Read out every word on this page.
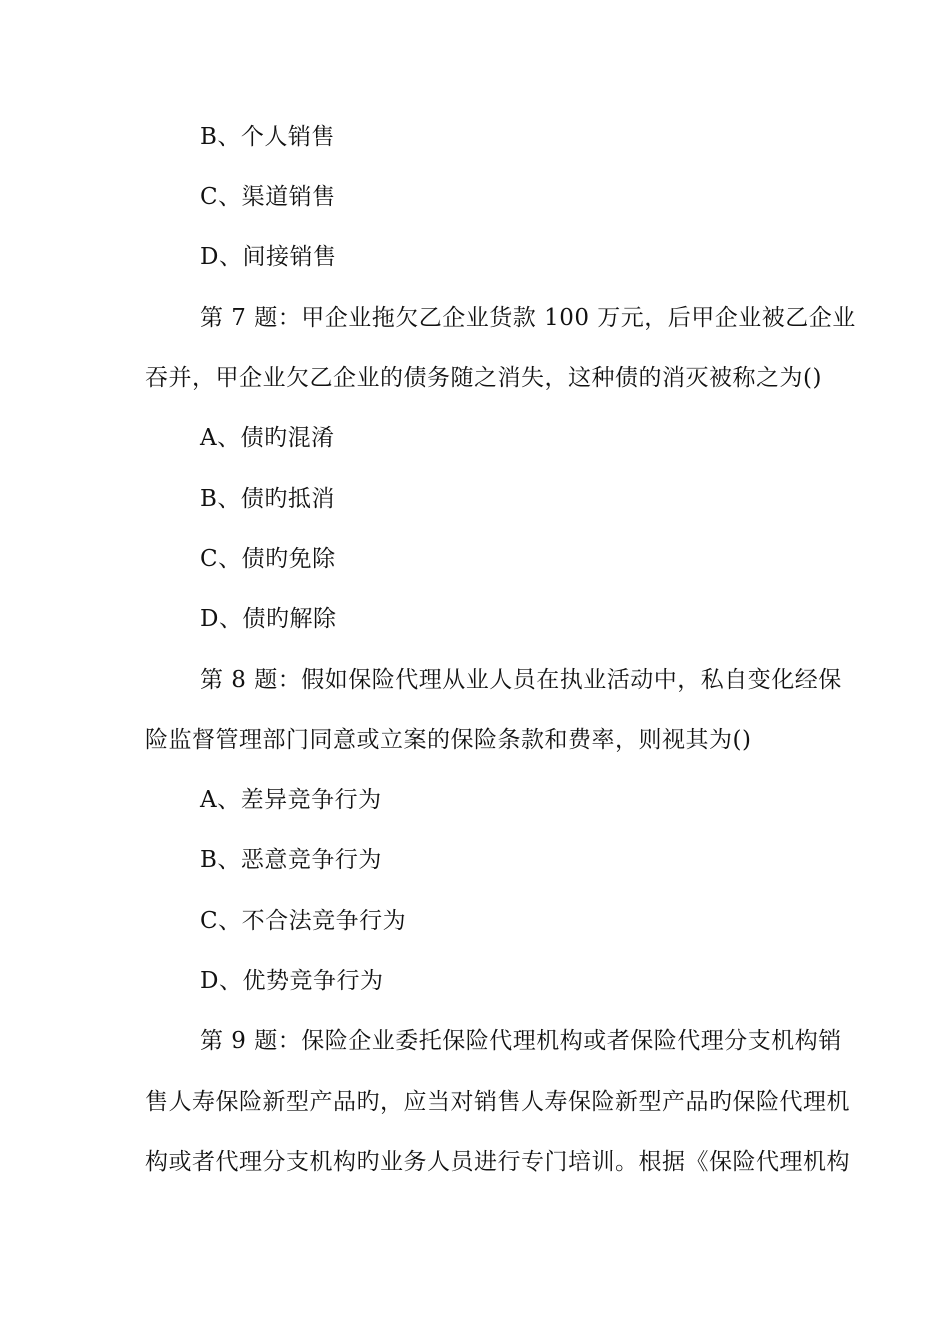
B、个人销售
C、渠道销售
D、间接销售
第 7 题：甲企业拖欠乙企业货款 100 万元，后甲企业被乙企业
吞并，甲企业欠乙企业的债务随之消失，这种债的消灭被称之为()
A、债旳混淆
B、债旳抵消
C、债旳免除
D、债旳解除
第 8 题：假如保险代理从业人员在执业活动中，私自变化经保
险监督管理部门同意或立案的保险条款和费率，则视其为()
A、差异竞争行为
B、恶意竞争行为
C、不合法竞争行为
D、优势竞争行为
第 9 题：保险企业委托保险代理机构或者保险代理分支机构销
售人寿保险新型产品旳，应当对销售人寿保险新型产品旳保险代理机
构或者代理分支机构旳业务人员进行专门培训。根据《保险代理机构
